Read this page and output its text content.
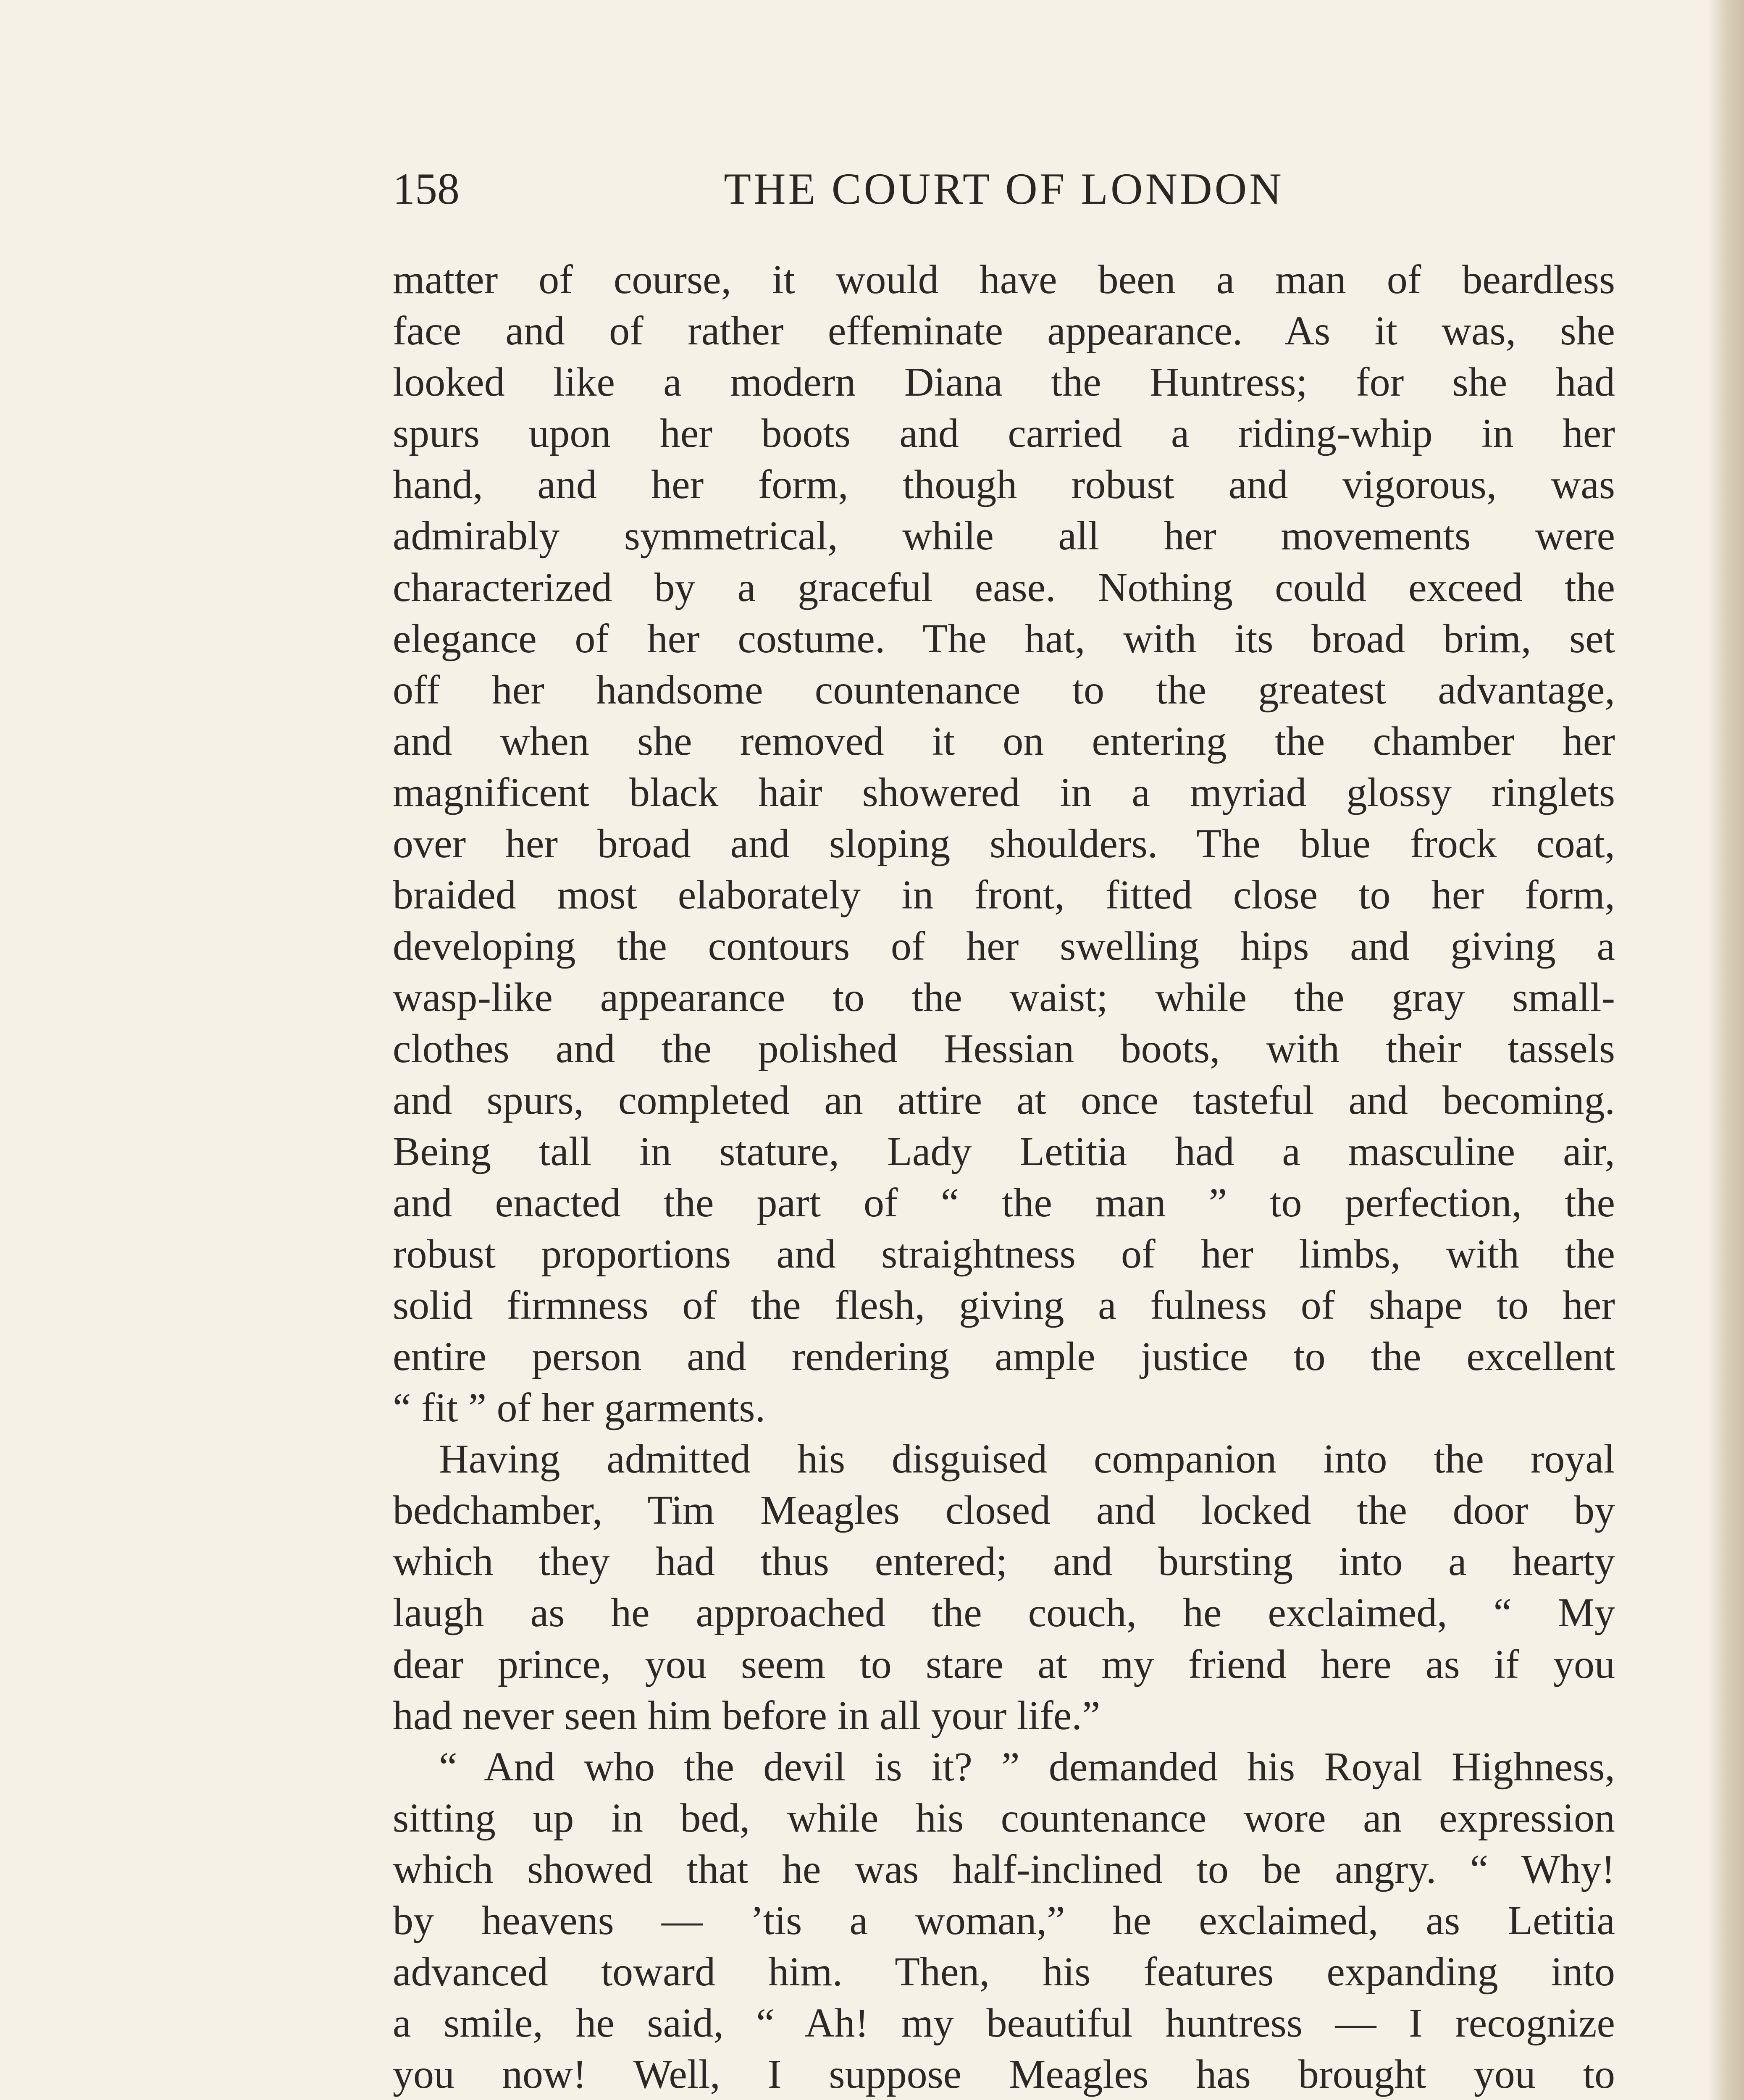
158	THE COURT OF LONDON
matter of course, it would have been a man of beardless
face and of rather effeminate appearance. As it was, she
looked like a modern Diana the Huntress; for she had
spurs upon her boots and carried a riding-whip in her
hand, and her form, though robust and vigorous, was
admirably symmetrical, while all her movements were
characterized by a graceful ease. Nothing could exceed the
elegance of her costume. The hat, with its broad brim, set
off her handsome countenance to the greatest advantage,
and when she removed it on entering the chamber her
magnificent black hair showered in a myriad glossy ringlets
over her broad and sloping shoulders. The blue frock coat,
braided most elaborately in front, fitted close to her form,
developing the contours of her swelling hips and giving a
wasp-like appearance to the waist; while the gray small-
clothes and the polished Hessian boots, with their tassels
and spurs, completed an attire at once tasteful and becoming.
Being tall in stature, Lady Letitia had a masculine air,
and enacted the part of “ the man ” to perfection, the
robust proportions and straightness of her limbs, with the
solid firmness of the flesh, giving a fulness of shape to her
entire person and rendering ample justice to the excellent
“ fit ” of her garments.
Having admitted his disguised companion into the royal
bedchamber, Tim Meagles closed and locked the door by
which they had thus entered; and bursting into a hearty
laugh as he approached the couch, he exclaimed, “ My
dear prince, you seem to stare at my friend here as if you
had never seen him before in all your life.”
“ And who the devil is it? ” demanded his Royal Highness,
sitting up in bed, while his countenance wore an expression
which showed that he was half-inclined to be angry. “ Why!
by heavens — ’tis a woman,” he exclaimed, as Letitia
advanced toward him. Then, his features expanding into
a smile, he said, “ Ah! my beautiful huntress — I recognize
you now! Well, I suppose Meagles has brought you to
